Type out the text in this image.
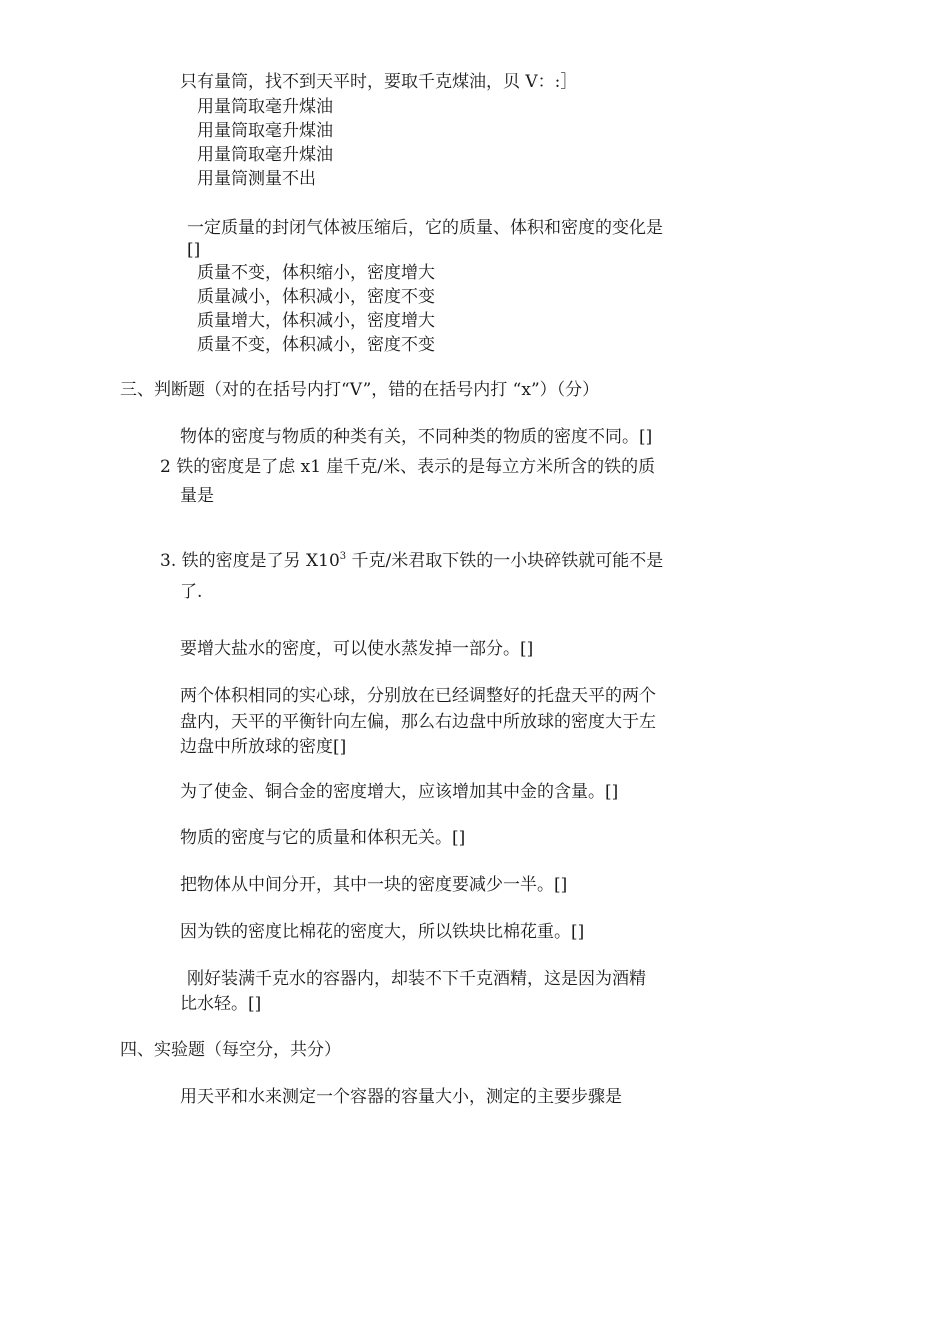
只有量筒，找不到天平时，要取千克煤油，贝 V：:］
用量筒取毫升煤油
用量筒取毫升煤油
用量筒取毫升煤油
用量筒测量不出
一定质量的封闭气体被压缩后，它的质量、体积和密度的变化是
[]
质量不变，体积缩小，密度增大
质量减小，体积减小，密度不变
质量增大，体积减小，密度增大
质量不变，体积减小，密度不变
三、判断题（对的在括号内打“V”，错的在括号内打 “x”）（分）
物体的密度与物质的种类有关，不同种类的物质的密度不同。[]
2 铁的密度是了虑 x1 崖千克/米、表示的是每立方米所含的铁的质
量是
3. 铁的密度是了另 $X10^3$ 千克/米君取下铁的一小块碎铁就可能不是
了.
要增大盐水的密度，可以使水蒸发掉一部分。[]
两个体积相同的实心球，分别放在已经调整好的托盘天平的两个
盘内，天平的平衡针向左偏，那么右边盘中所放球的密度大于左
边盘中所放球的密度[]
为了使金、铜合金的密度增大，应该增加其中金的含量。[]
物质的密度与它的质量和体积无关。[]
把物体从中间分开，其中一块的密度要减少一半。[]
因为铁的密度比棉花的密度大，所以铁块比棉花重。[]
刚好装满千克水的容器内，却装不下千克酒精，这是因为酒精
比水轻。[]
四、实验题（每空分，共分）
用天平和水来测定一个容器的容量大小，测定的主要步骤是
